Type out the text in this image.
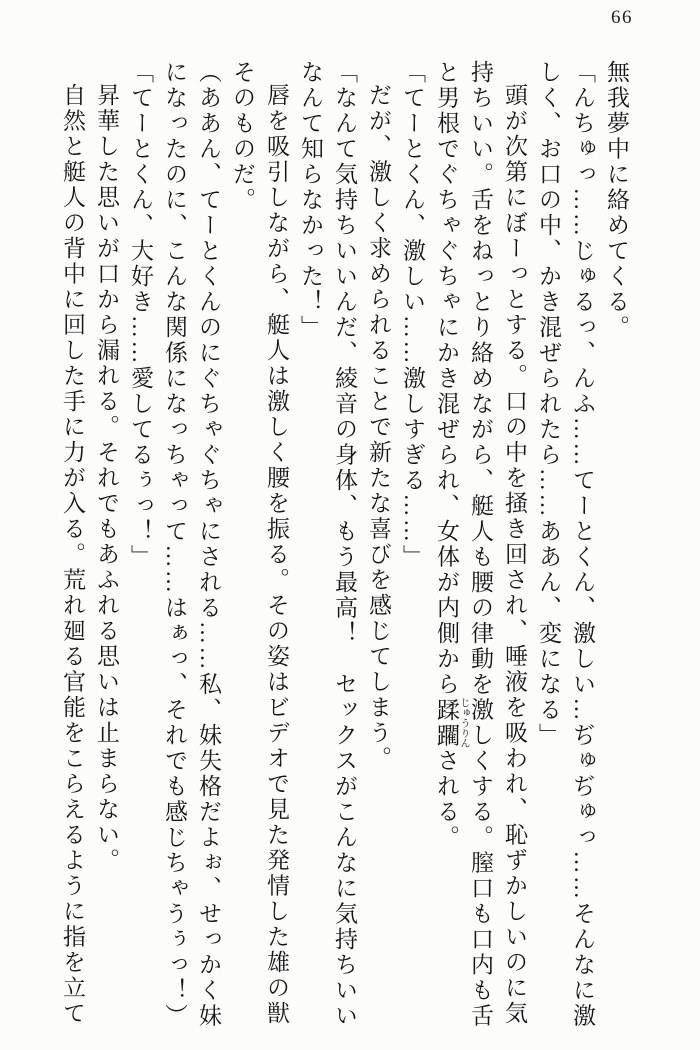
66

無我夢中に絡めてくる。

「んちゅっ……じゅるっ、んふ……てーとくん、激しい…ぢゅぢゅっ……そんなに激しく、お口の中、かき混ぜられたら……ああん、変になる」

頭が次第にぼーっとする。口の中を掻き回され、唾液を吸われ、恥ずかしいのに気持ちいい。舌をねっとり絡めながら、艇人も腰の律動を激しくする。膣口も口内も舌と男根でぐちゃぐちゃにかき混ぜられ、女体が内側から蹂躙 じゅうりんされる。

「てーとくん、激しい……激しすぎる……」

だが、激しく求められることで新たな喜びを感じてしまう。

「なんて気持ちいいんだ、綾音の身体、もう最高！　セックスがこんなに気持ちいいなんて知らなかった！」

唇を吸引しながら、艇人は激しく腰を振る。その姿はビデオで見た発情した雄の獣そのものだ。

（ああん、てーとくんのにぐちゃぐちゃにされる……私、妹失格だよぉ、せっかく妹になったのに、こんな関係になっちゃって……はぁっ、それでも感じちゃうぅっ！）

「てーとくん、大好き……愛してるぅっ！」

昇華した思いが口から漏れる。それでもあふれる思いは止まらない。

自然と艇人の背中に回した手に力が入る。荒れ廻る官能をこらえるように指を立て
